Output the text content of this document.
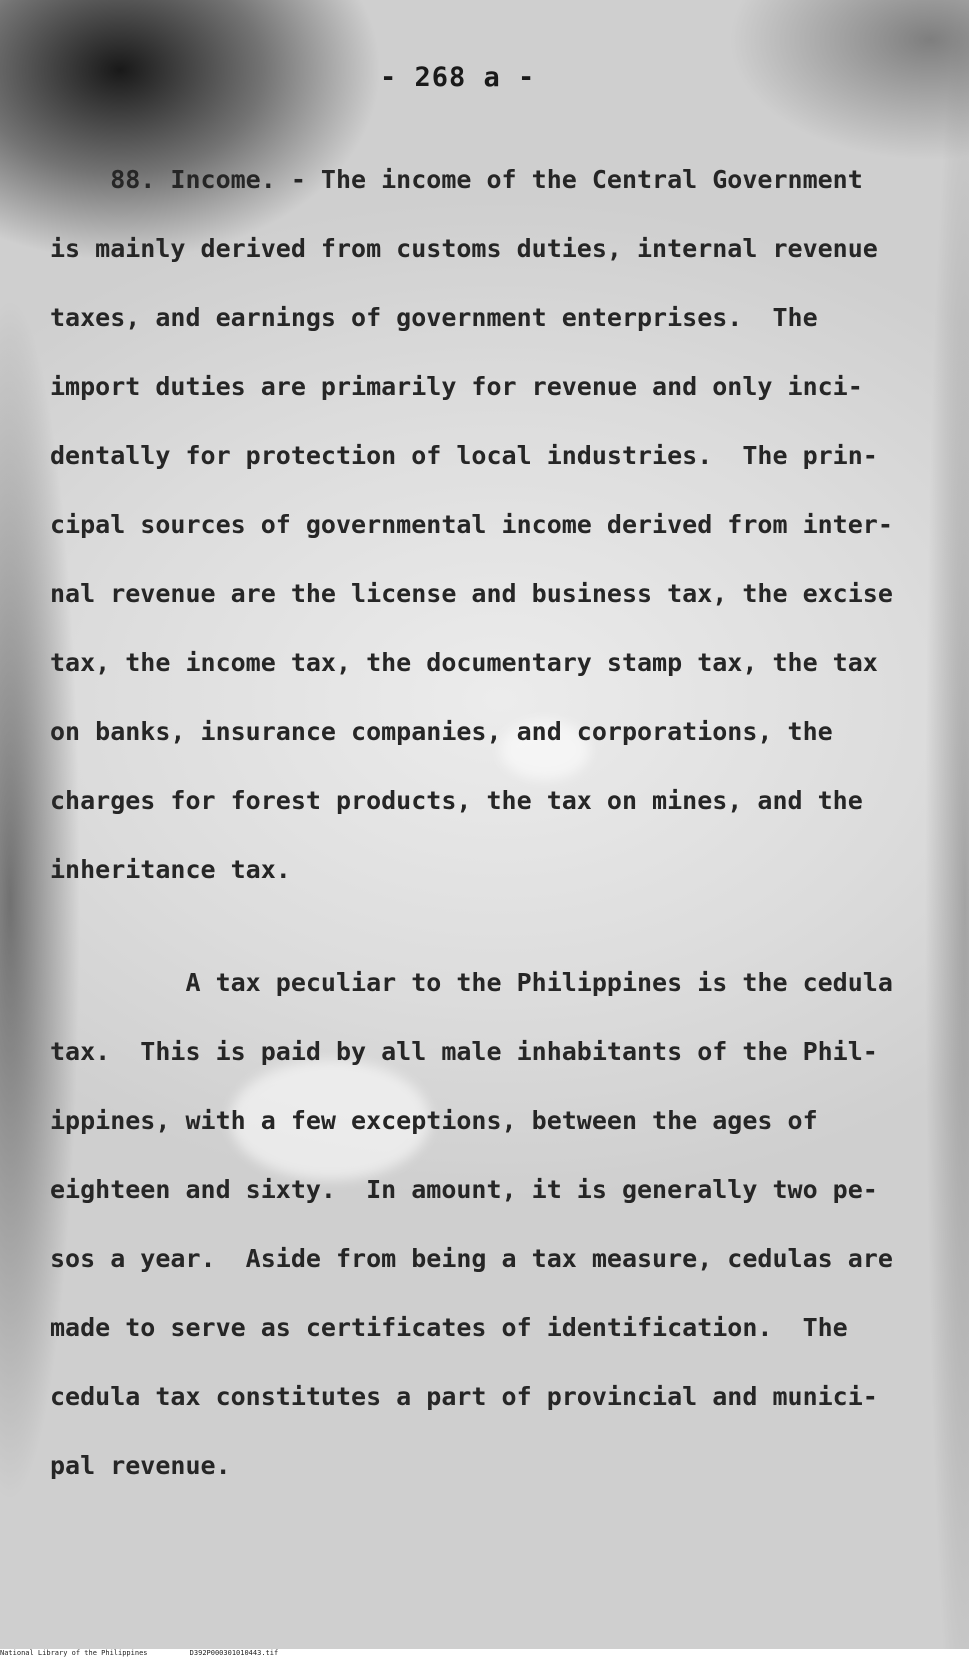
- 268 a -
88. Income. - The income of the Central Government
is mainly derived from customs duties, internal revenue
taxes, and earnings of government enterprises.  The
import duties are primarily for revenue and only inci-
dentally for protection of local industries.  The prin-
cipal sources of governmental income derived from inter-
nal revenue are the license and business tax, the excise
tax, the income tax, the documentary stamp tax, the tax
on banks, insurance companies, and corporations, the
charges for forest products, the tax on mines, and the
inheritance tax.
A tax peculiar to the Philippines is the cedula
tax.  This is paid by all male inhabitants of the Phil-
ippines, with a few exceptions, between the ages of
eighteen and sixty.  In amount, it is generally two pe-
sos a year.  Aside from being a tax measure, cedulas are
made to serve as certificates of identification.  The
cedula tax constitutes a part of provincial and munici-
pal revenue.
National Library of the Philippines	D392P000301010443.tif
